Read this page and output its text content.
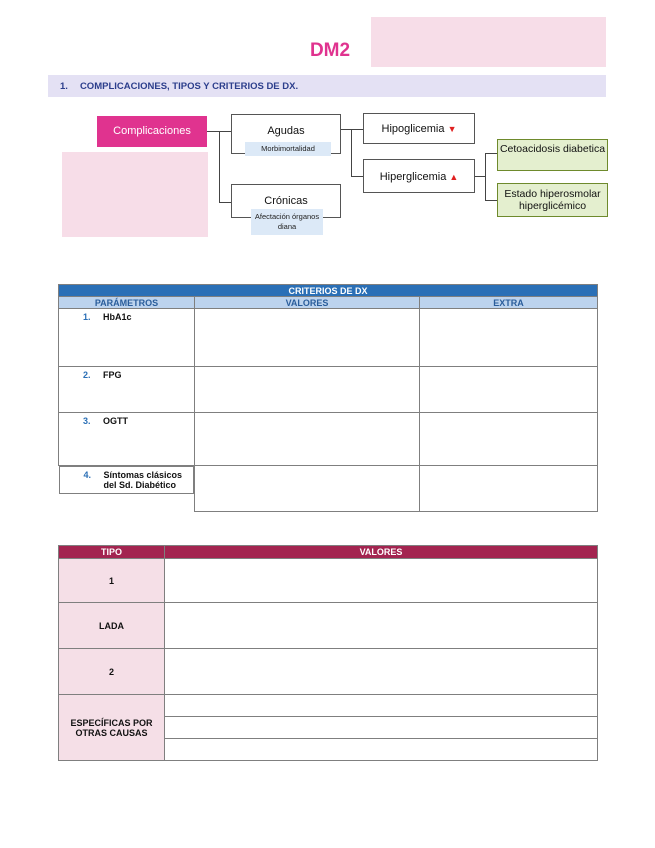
DM2
1. COMPLICACIONES, TIPOS Y CRITERIOS DE DX.
Complicaciones	Agudas
Morbimortalidad
Crónicas
Afectación órganos diana
Hipoglicemia ▼
Hiperglicemia ▲
Cetoacidosis diabetica
Estado hiperosmolar hiperglicémico
CRITERIOS DE DX		
PARÁMETROS	VALORES	EXTRA
1. HbA1c		
2. FPG		
3. OGTT		

4.	Síntomas clásicos del Sd. Diabético

TIPO	VALORES
1	
LADA	
2	
ESPECÍFICAS POR OTRAS CAUSAS	
